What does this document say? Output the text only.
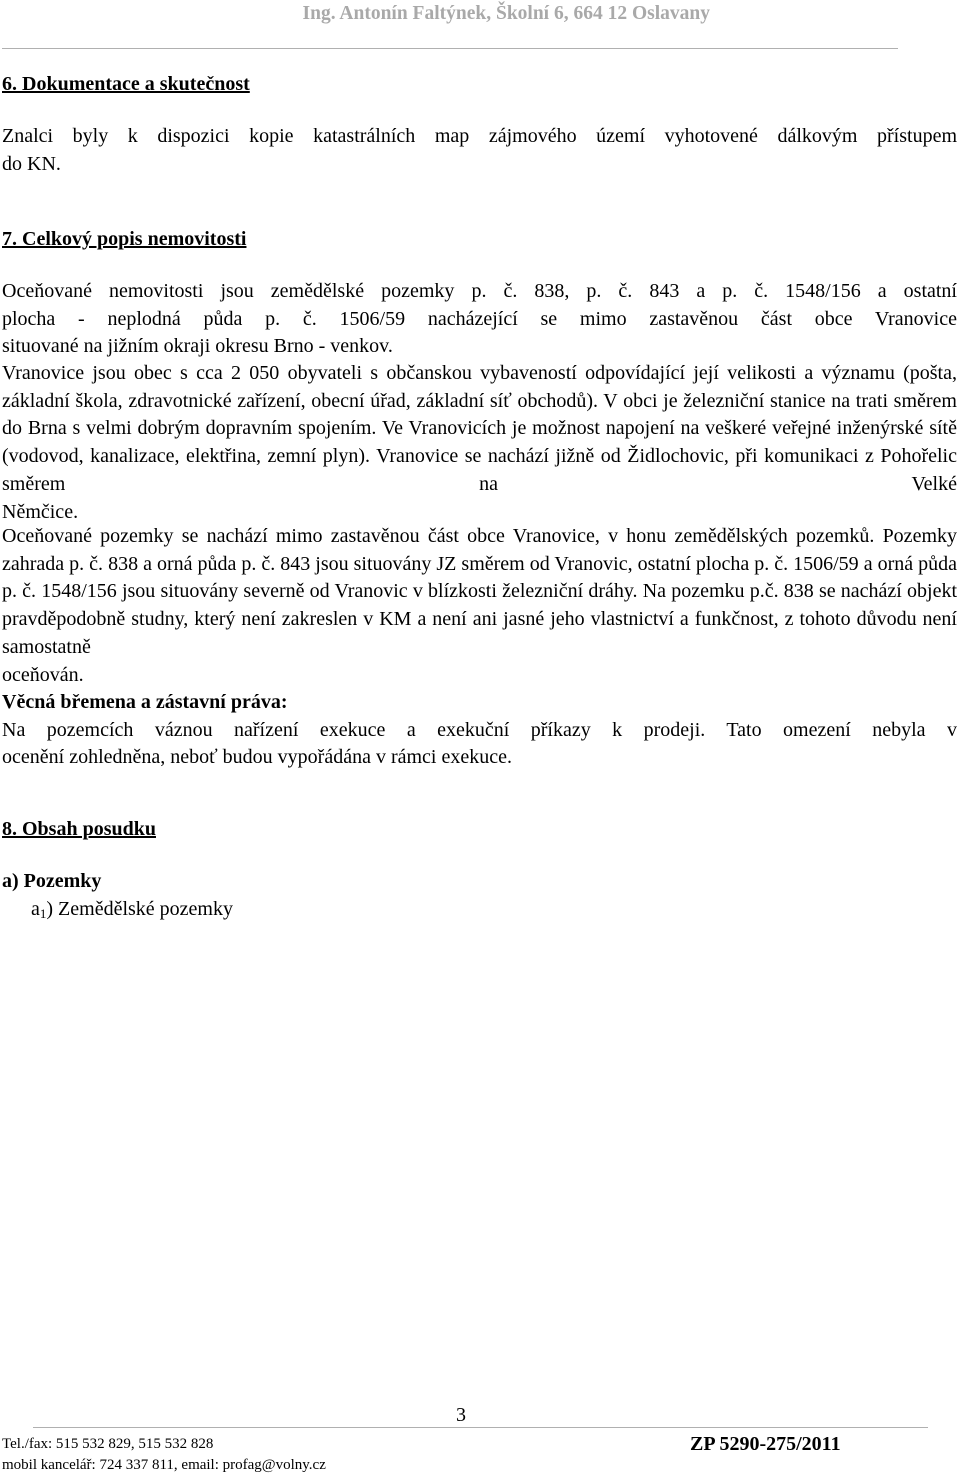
Ing. Antonín Faltýnek, Školní 6, 664 12 Oslavany
6. Dokumentace a skutečnost
Znalci byly k dispozici kopie katastrálních map zájmového území vyhotovené dálkovým přístupem
do KN.
7. Celkový popis nemovitosti
Oceňované nemovitosti jsou zemědělské pozemky p. č. 838, p. č. 843 a p. č. 1548/156 a ostatní
plocha - neplodná půda p. č. 1506/59 nacházející se mimo zastavěnou část obce Vranovice
situované na jižním okraji okresu Brno - venkov.
Vranovice jsou obec s cca 2 050 obyvateli s občanskou vybaveností odpovídající její velikosti a významu (pošta, základní škola, zdravotnické zařízení, obecní úřad, základní síť obchodů). V obci je železniční stanice na trati směrem do Brna s velmi dobrým dopravním spojením. Ve Vranovicích je možnost napojení na veškeré veřejné inženýrské sítě (vodovod, kanalizace, elektřina, zemní plyn). Vranovice se nachází jižně od Židlochovic, při komunikaci z Pohořelic směrem na Velké
Němčice.
Oceňované pozemky se nachází mimo zastavěnou část obce Vranovice, v honu zemědělských pozemků. Pozemky zahrada p. č. 838 a orná půda p. č. 843 jsou situovány JZ směrem od Vranovic, ostatní plocha p. č. 1506/59 a orná půda p. č. 1548/156 jsou situovány severně od Vranovic v blízkosti železniční dráhy. Na pozemku p.č. 838 se nachází objekt pravděpodobně studny, který není zakreslen v KM a není ani jasné jeho vlastnictví a funkčnost, z tohoto důvodu není samostatně
oceňován.
Věcná břemena a zástavní práva:
Na pozemcích váznou nařízení exekuce a exekuční příkazy k prodeji. Tato omezení nebyla v
ocenění zohledněna, neboť budou vypořádána v rámci exekuce.
8. Obsah posudku
a) Pozemky
$a_1$) Zemědělské pozemky
3
Tel./fax: 515 532 829, 515 532 828	ZP 5290-275/2011
mobil kancelář: 724 337 811, email: profag@volny.cz
